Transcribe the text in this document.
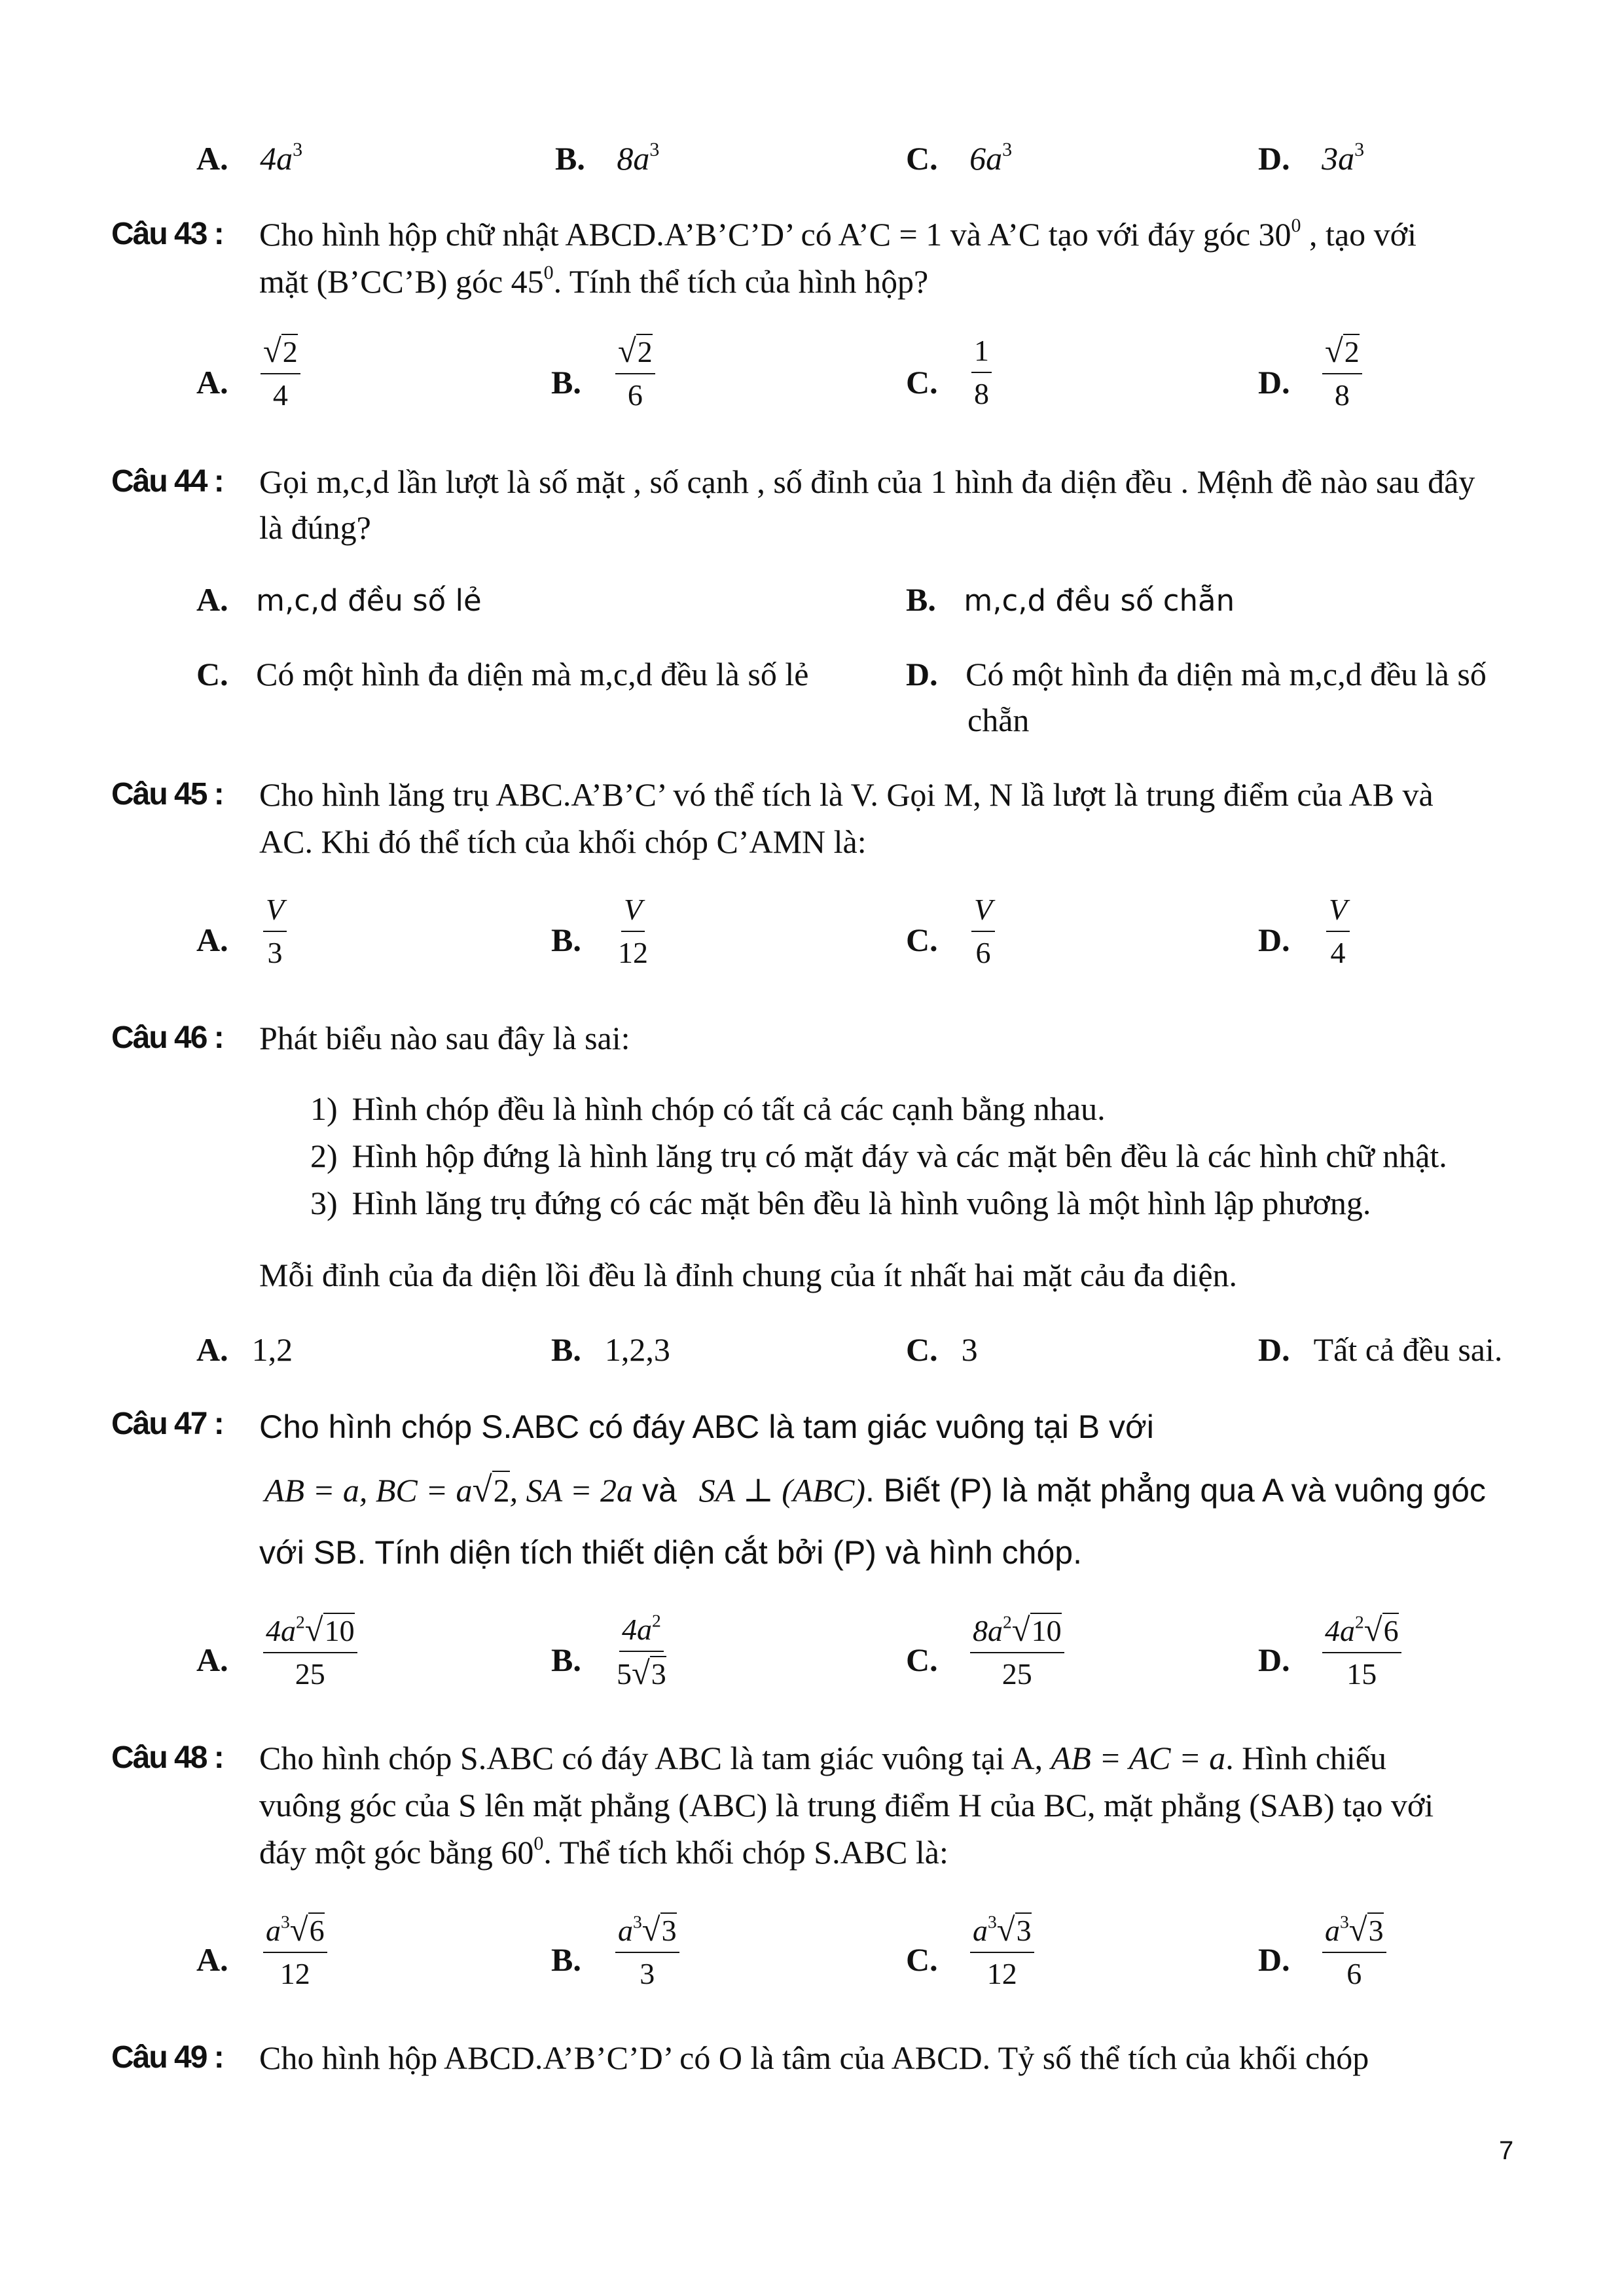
A. $4a^3$	B. $8a^3$	C. $6a^3$	D. $3a^3$
Câu 43 : Cho hình hộp chữ nhật ABCD.A’B’C’D’ có A’C = 1 và A’C tạo với đáy góc $30^0$ , tạo với
mặt (B’CC’B) góc $45^0$. Tính thể tích của hình hộp?
A. $\frac{√2}{4}$	B. $\frac{√2}{6}$	C. $\frac{1}{8}$	D. $\frac{√2}{8}$
Câu 44 : Gọi m,c,d lần lượt là số mặt , số cạnh , số đỉnh của 1 hình đa diện đều . Mệnh đề nào sau đây
là đúng?
A. m,c,d đều số lẻ	B. m,c,d đều số chẵn
C. Có một hình đa diện mà m,c,d đều là số lẻ	D. Có một hình đa diện mà m,c,d đều là số
chẵn
Câu 45 : Cho hình lăng trụ ABC.A’B’C’ vó thể tích là V. Gọi M, N lầ lượt là trung điểm của AB và
AC. Khi đó thể tích của khối chóp C’AMN là:
A. $\frac{V}{3}$	B. $\frac{V}{12}$	C. $\frac{V}{6}$	D. $\frac{V}{4}$
Câu 46 : Phát biểu nào sau đây là sai:
1) Hình chóp đều là hình chóp có tất cả các cạnh bằng nhau.
2) Hình hộp đứng là hình lăng trụ có mặt đáy và các mặt bên đều là các hình chữ nhật.
3) Hình lăng trụ đứng có các mặt bên đều là hình vuông là một hình lập phương.
Mỗi đỉnh của đa diện lồi đều là đỉnh chung của ít nhất hai mặt cảu đa diện.
A. 1,2	B. 1,2,3	C. 3	D. Tất cả đều sai.
Câu 47 : Cho hình chóp S.ABC có đáy ABC là tam giác vuông tại B với
AB = a, BC = a√2, SA = 2a và SA ⊥ (ABC). Biết (P) là mặt phẳng qua A và vuông góc
với SB. Tính diện tích thiết diện cắt bởi (P) và hình chóp.
A. $\frac{4a^2√10}{25}$	B. $\frac{4a^2}{5√3}$	C. $\frac{8a^2√10}{25}$	D. $\frac{4a^2√6}{15}$
Câu 48 : Cho hình chóp S.ABC có đáy ABC là tam giác vuông tại A, AB = AC = a. Hình chiếu
vuông góc của S lên mặt phẳng (ABC) là trung điểm H của BC, mặt phẳng (SAB) tạo với
đáy một góc bằng $60^0$. Thể tích khối chóp S.ABC là:
A. $\frac{a^3√6}{12}$	B. $\frac{a^3√3}{3}$	C. $\frac{a^3√3}{12}$	D. $\frac{a^3√3}{6}$
Câu 49 : Cho hình hộp ABCD.A’B’C’D’ có O là tâm của ABCD. Tỷ số thể tích của khối chóp
7
